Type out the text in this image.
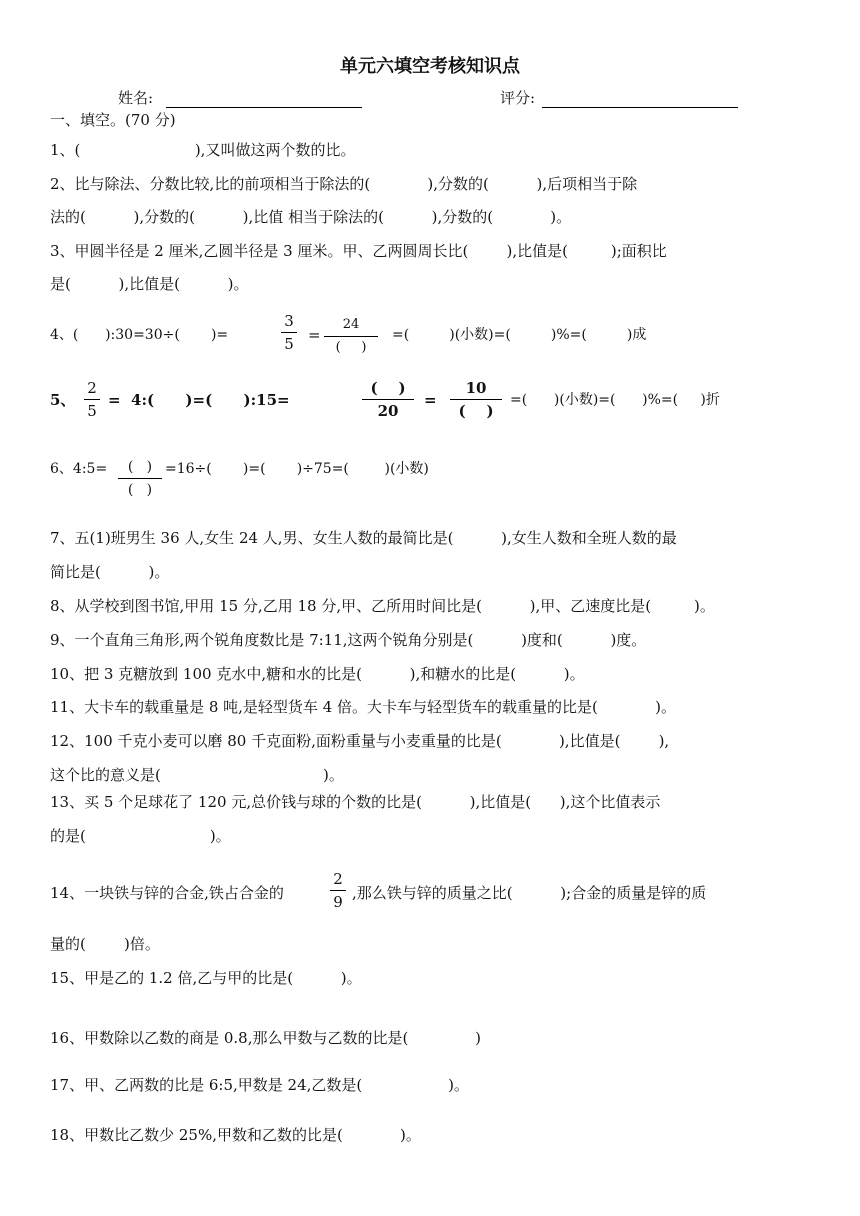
单元六填空考核知识点
姓名:	评分:
一、填空。(70 分)
1、(                        ),又叫做这两个数的比。
2、比与除法、分数比较,比的前项相当于除法的(            ),分数的(          ),后项相当于除
法的(          ),分数的(          ),比值 相当于除法的(          ),分数的(            )。
3、甲圆半径是 2 厘米,乙圆半径是 3 厘米。甲、乙两圆周长比(        ),比值是(         );面积比
是(          ),比值是(          )。
4、(      ):30=30÷(       )=
3
5 =
24
(     )
=(         )(小数)=(         )%=(         )成
5、
2
5
=  4:(      )=(      ):15=
(    )
20
=
10
(    )
=(      )(小数)=(      )%=(     )折
6、4:5= (   )
(   )
=16÷(       )=(       )÷75=(        )(小数)
7、五(1)班男生 36 人,女生 24 人,男、女生人数的最简比是(          ),女生人数和全班人数的最
简比是(          )。
8、从学校到图书馆,甲用 15 分,乙用 18 分,甲、乙所用时间比是(          ),甲、乙速度比是(         )。
9、一个直角三角形,两个锐角度数比是 7:11,这两个锐角分别是(          )度和(          )度。
10、把 3 克糖放到 100 克水中,糖和水的比是(          ),和糖水的比是(          )。
11、大卡车的载重量是 8 吨,是轻型货车 4 倍。大卡车与轻型货车的载重量的比是(            )。
12、100 千克小麦可以磨 80 千克面粉,面粉重量与小麦重量的比是(            ),比值是(        ),
这个比的意义是(                                  )。
13、买 5 个足球花了 120 元,总价钱与球的个数的比是(          ),比值是(      ),这个比值表示
的是(                          )。
14、一块铁与锌的合金,铁占合金的
2
9 ,那么铁与锌的质量之比(          );合金的质量是锌的质
量的(        )倍。
15、甲是乙的 1.2 倍,乙与甲的比是(          )。
16、甲数除以乙数的商是 0.8,那么甲数与乙数的比是(              )
17、甲、乙两数的比是 6:5,甲数是 24,乙数是(                  )。
18、甲数比乙数少 25%,甲数和乙数的比是(            )。
